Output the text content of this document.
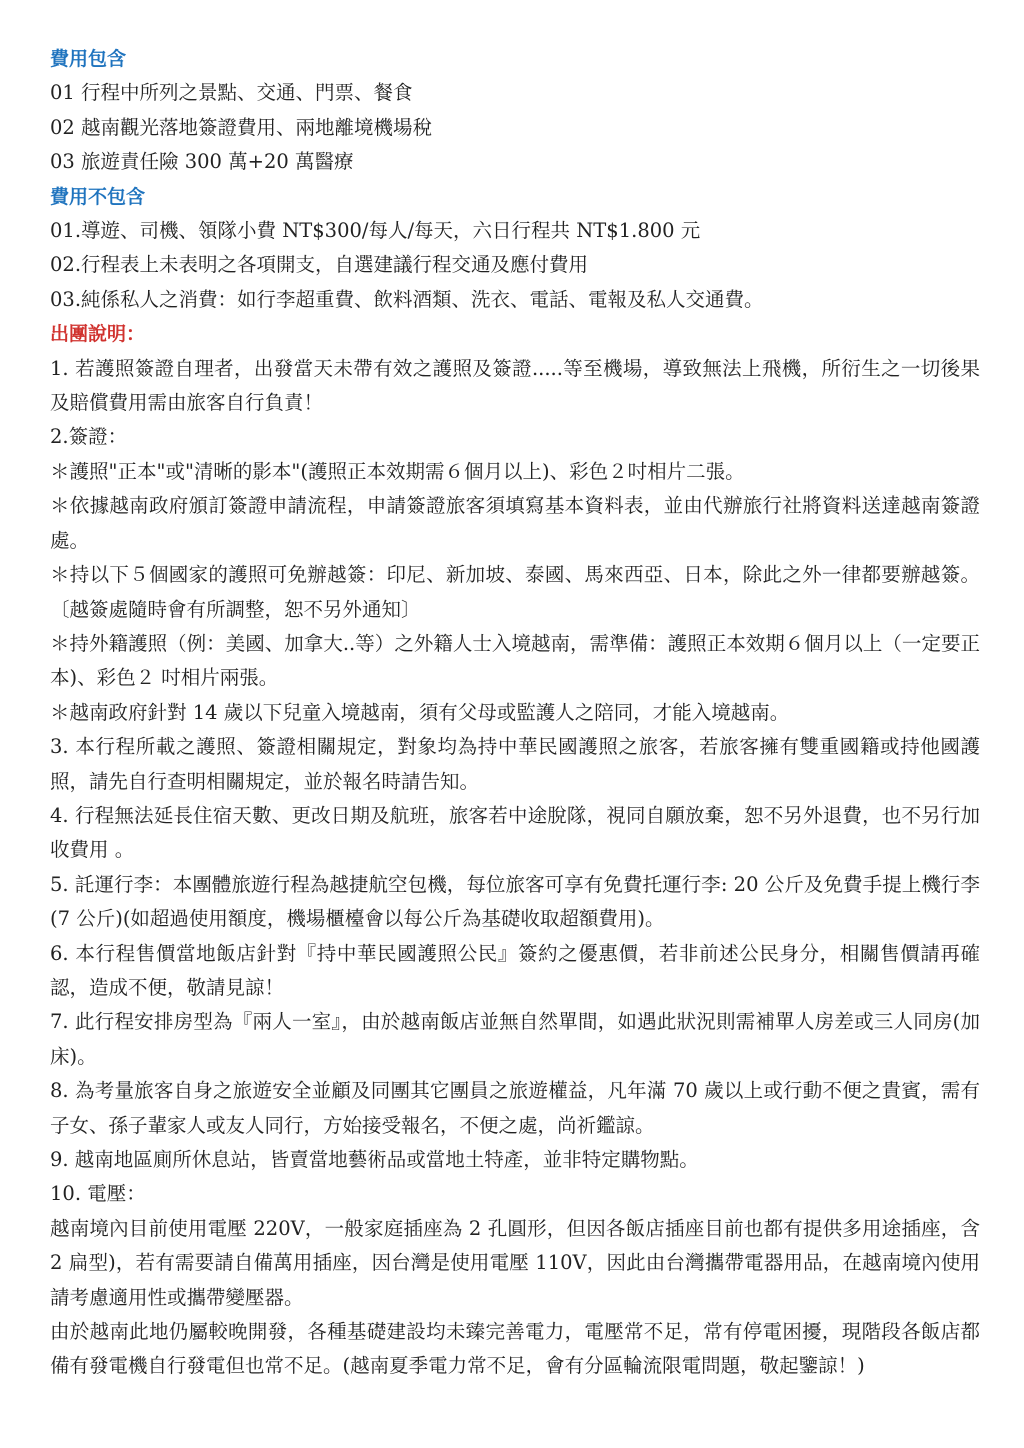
費用包含

01 行程中所列之景點、交通、門票、餐食

02 越南觀光落地簽證費用、兩地離境機場稅

03 旅遊責任險 300 萬+20 萬醫療

費用不包含

01.導遊、司機、領隊小費 NT$300/每人/每天，六日行程共 NT$1.800 元

02.行程表上未表明之各項開支，自選建議行程交通及應付費用

03.純係私人之消費：如行李超重費、飲料酒類、洗衣、電話、電報及私人交通費。

出團說明：

1. 若護照簽證自理者，出發當天未帶有效之護照及簽證.....等至機場，導致無法上飛機，所衍生之一切後果及賠償費用需由旅客自行負責！

2.簽證：

＊護照"正本"或"清晰的影本"(護照正本效期需６個月以上)、彩色２吋相片二張。

＊依據越南政府頒訂簽證申請流程，申請簽證旅客須填寫基本資料表，並由代辦旅行社將資料送達越南簽證處。

＊持以下５個國家的護照可免辦越簽：印尼、新加坡、泰國、馬來西亞、日本，除此之外一律都要辦越簽。〔越簽處隨時會有所調整，恕不另外通知〕

＊持外籍護照（例：美國、加拿大..等）之外籍人士入境越南，需準備：護照正本效期６個月以上（一定要正本)、彩色２ 吋相片兩張。

＊越南政府針對 14 歲以下兒童入境越南，須有父母或監護人之陪同，才能入境越南。

3. 本行程所載之護照、簽證相關規定，對象均為持中華民國護照之旅客，若旅客擁有雙重國籍或持他國護照，請先自行查明相關規定，並於報名時請告知。

4. 行程無法延長住宿天數、更改日期及航班，旅客若中途脫隊，視同自願放棄，恕不另外退費，也不另行加收費用 。

5. 託運行李：本團體旅遊行程為越捷航空包機，每位旅客可享有免費托運行李: 20 公斤及免費手提上機行李(7 公斤)(如超過使用額度，機場櫃檯會以每公斤為基礎收取超額費用)。

6. 本行程售價當地飯店針對『持中華民國護照公民』簽約之優惠價，若非前述公民身分，相關售價請再確認，造成不便，敬請見諒！

7. 此行程安排房型為『兩人一室』，由於越南飯店並無自然單間，如遇此狀況則需補單人房差或三人同房(加床)。

8. 為考量旅客自身之旅遊安全並顧及同團其它團員之旅遊權益，凡年滿 70 歲以上或行動不便之貴賓，需有子女、孫子輩家人或友人同行，方始接受報名，不便之處，尚祈鑑諒。

9. 越南地區廁所休息站，皆賣當地藝術品或當地土特產，並非特定購物點。

10. 電壓：

越南境內目前使用電壓 220V，一般家庭插座為 2 孔圓形，但因各飯店插座目前也都有提供多用途插座，含 2 扁型)，若有需要請自備萬用插座，因台灣是使用電壓 110V，因此由台灣攜帶電器用品，在越南境內使用請考慮適用性或攜帶變壓器。

由於越南此地仍屬較晚開發，各種基礎建設均未臻完善電力，電壓常不足，常有停電困擾，現階段各飯店都備有發電機自行發電但也常不足。(越南夏季電力常不足，會有分區輪流限電問題，敬起鑒諒！)
